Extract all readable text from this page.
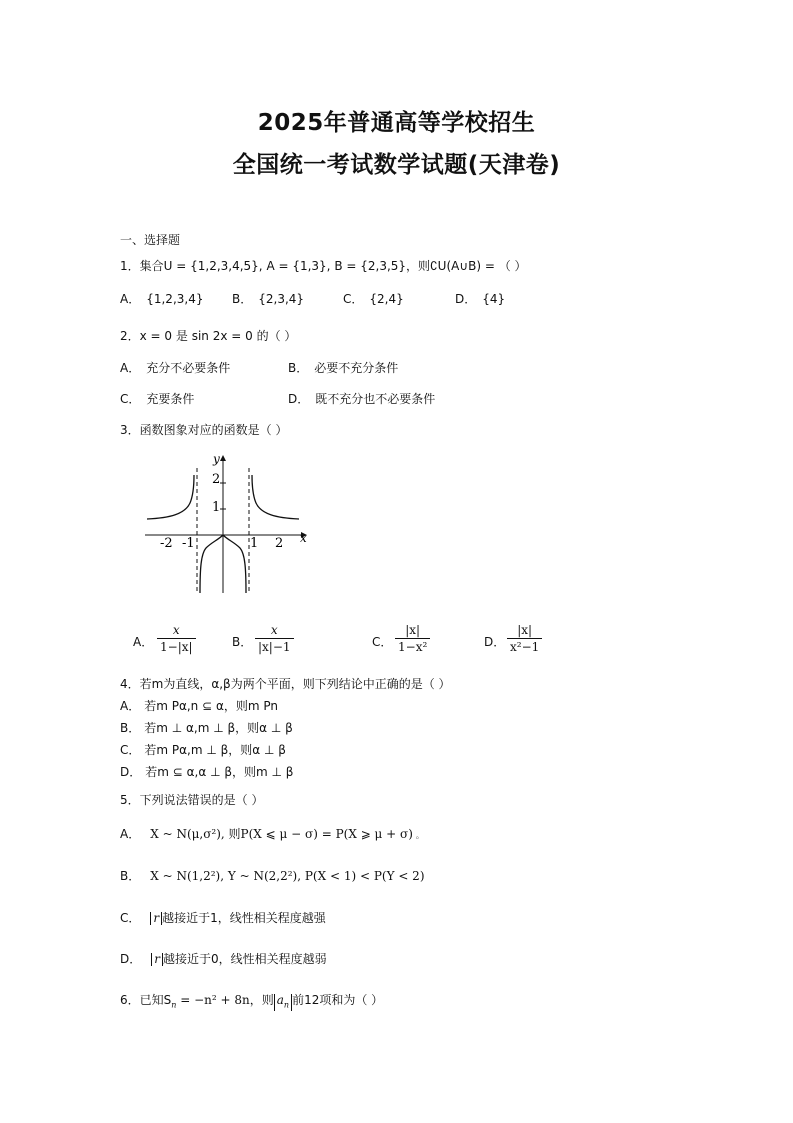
2025年普通高等学校招生
全国统一考试数学试题(天津卷)
一、选择题
1．集合U = {1,2,3,4,5}, A = {1,3}, B = {2,3,5}，则∁U(A∪B) = （ ）
A． {1,2,3,4} B． {2,3,4}	C． {2,4}	D． {4}
2．x = 0 是 sin 2x = 0 的（ ）
A． 充分不必要条件	B． 必要不充分条件
C． 充要条件	D． 既不充分也不必要条件
3．函数图象对应的函数是（ ）
y
x
2
1
-2 -1	1 2
A． $\frac{x}{1-|x|}$	B． $\frac{x}{|x|-1}$	C． $\frac{|x|}{\text{1−x²}}$	D． $\frac{|x|}{\text{x²−1}}$
4．若m为直线，α,β为两个平面，则下列结论中正确的是（ ）
A． 若m Pα,n ⊆ α，则m Pn
B． 若m ⊥ α,m ⊥ β，则α ⊥ β
C． 若m Pα,m ⊥ β，则α ⊥ β
D． 若m ⊆ α,α ⊥ β，则m ⊥ β
5．下列说法错误的是（ ）
A． X ~ N(μ,σ²), 则P(X ⩽ μ − σ) = P(X ⩾ μ + σ) 。
B． X ~ N(1,2²), Y ~ N(2,2²), P(X < 1) < P(Y < 2)
C． r 越接近于1，线性相关程度越强
D． r 越接近于0，线性相关程度越弱
6．已知$S_n = -n^2 + 8n$，则 $a_n$ 前12项和为（ ）
